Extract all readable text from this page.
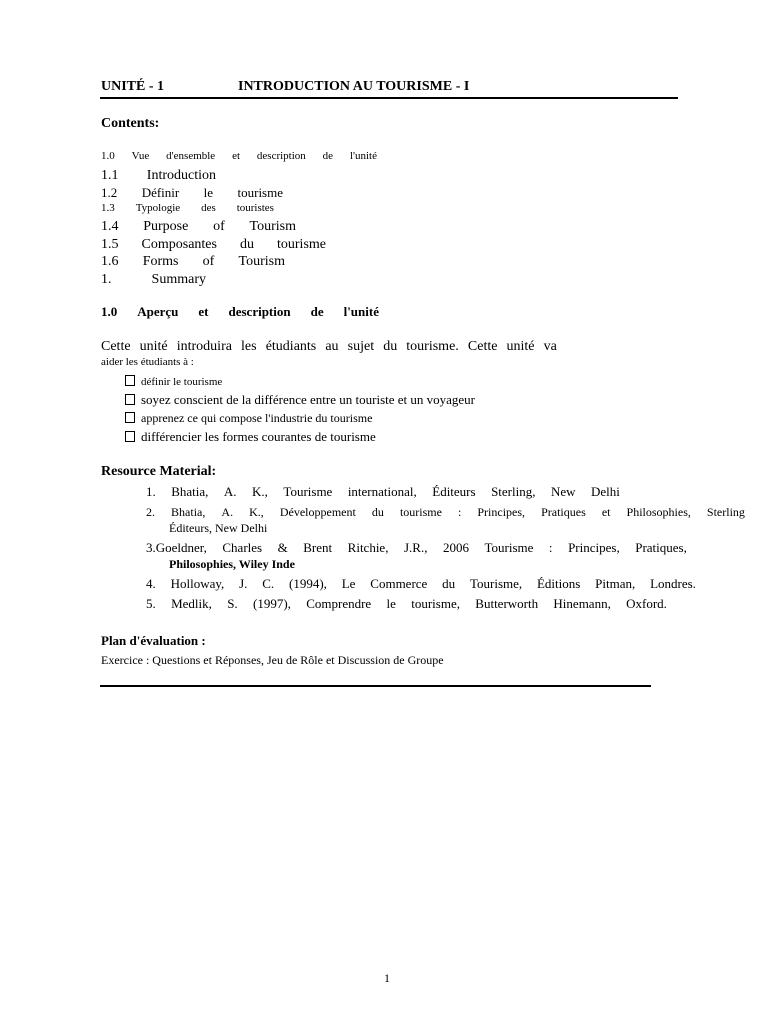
UNITÉ - 1	INTRODUCTION AU TOURISME - I
Contents:
1.0 Vue d'ensemble et description de l'unité
1.1 Introduction
1.2 Définir le tourisme
1.3 Typologie des touristes
1.4 Purpose of Tourism
1.5 Composantes du tourisme
1.6 Forms of Tourism
1.	Summary
1.0 Aperçu et description de l'unité
Cette unité introduira les étudiants au sujet du tourisme. Cette unité va
aider les étudiants à :
définir le tourisme
soyez conscient de la différence entre un touriste et un voyageur
apprenez ce qui compose l'industrie du tourisme
différencier les formes courantes de tourisme
Resource Material:
1. Bhatia, A. K., Tourisme international, Éditeurs Sterling, New Delhi
2. Bhatia, A. K., Développement du tourisme : Principes, Pratiques et Philosophies, Sterling
Éditeurs, New Delhi
3.Goeldner, Charles & Brent Ritchie, J.R., 2006 Tourisme : Principes, Pratiques,
Philosophies, Wiley Inde
4. Holloway, J. C. (1994), Le Commerce du Tourisme, Éditions Pitman, Londres.
5. Medlik, S. (1997), Comprendre le tourisme, Butterworth Hinemann, Oxford.
Plan d'évaluation :
Exercice : Questions et Réponses, Jeu de Rôle et Discussion de Groupe
1
